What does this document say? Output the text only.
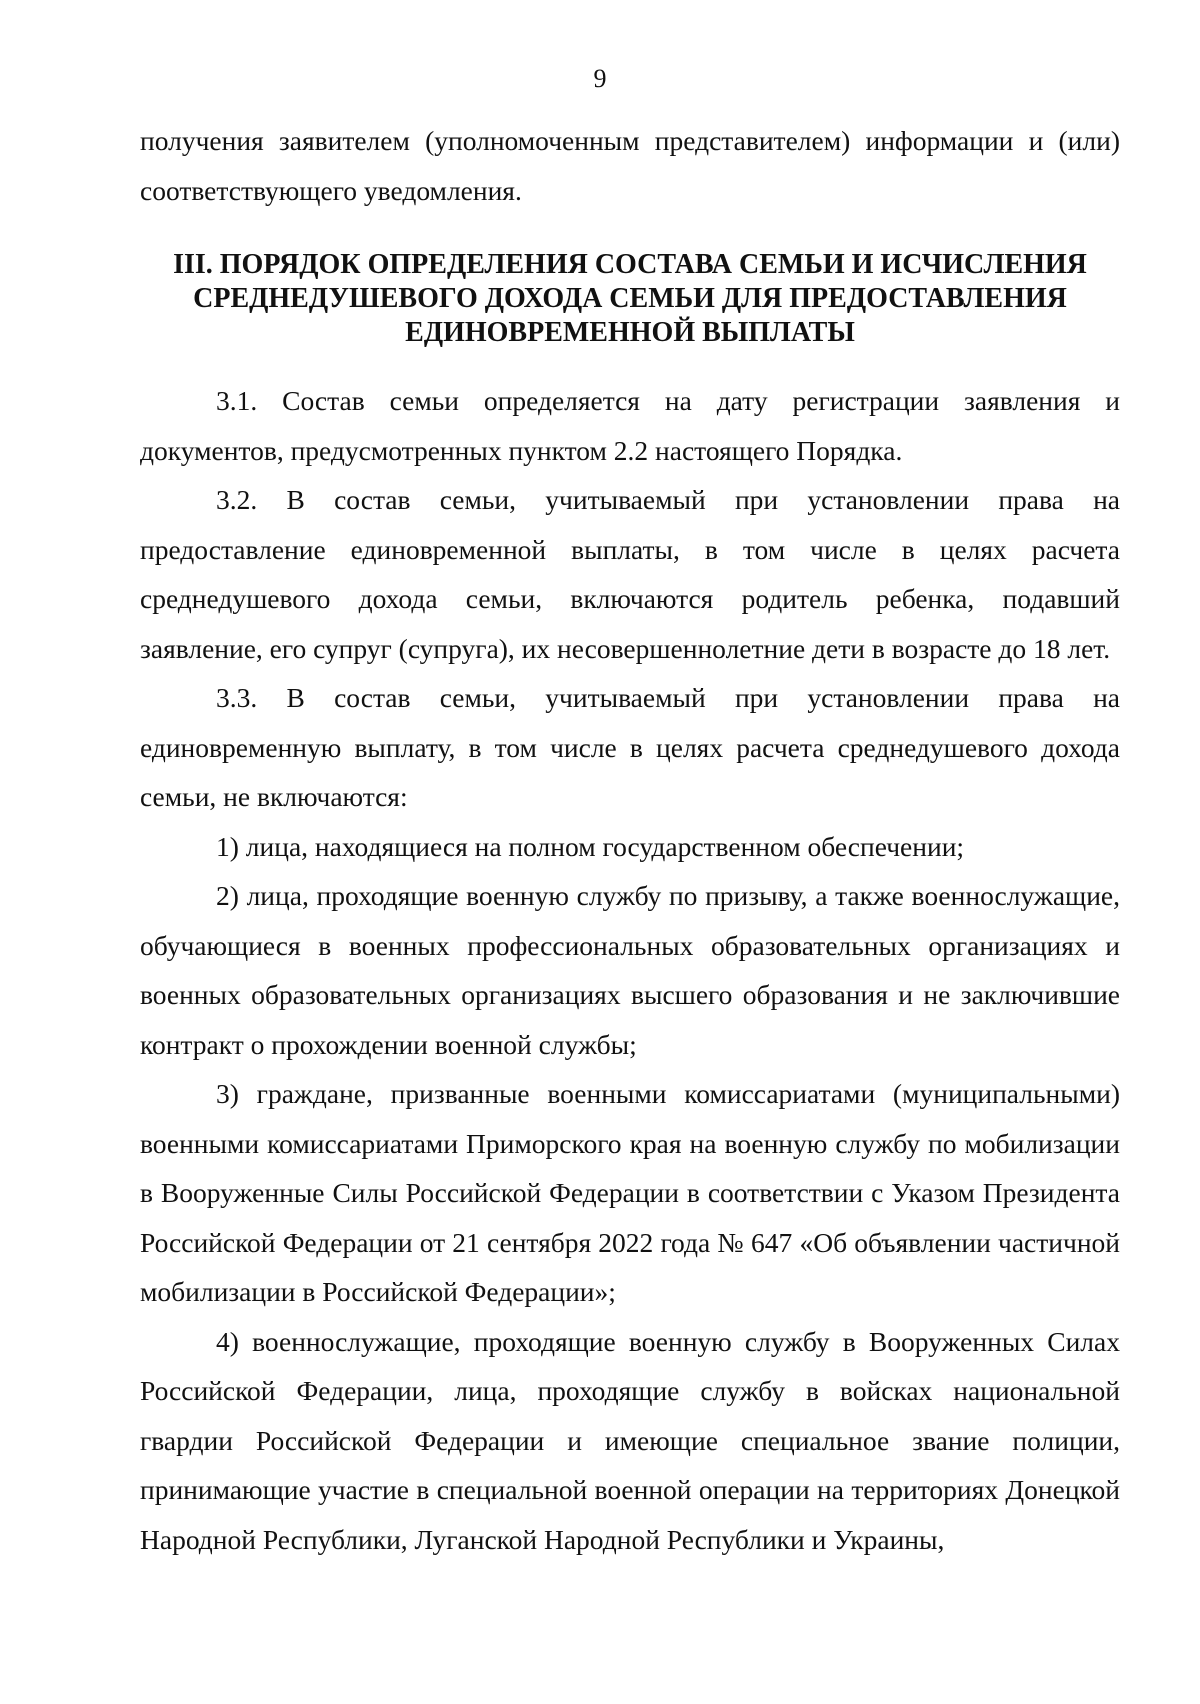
9

получения заявителем (уполномоченным представителем) информации и (или) соответствующего уведомления.

III. ПОРЯДОК ОПРЕДЕЛЕНИЯ СОСТАВА СЕМЬИ И ИСЧИСЛЕНИЯ
СРЕДНЕДУШЕВОГО ДОХОДА СЕМЬИ ДЛЯ ПРЕДОСТАВЛЕНИЯ
ЕДИНОВРЕМЕННОЙ ВЫПЛАТЫ

3.1. Состав семьи определяется на дату регистрации заявления и документов, предусмотренных пунктом 2.2 настоящего Порядка.

3.2. В состав семьи, учитываемый при установлении права на предоставление единовременной выплаты, в том числе в целях расчета среднедушевого дохода семьи, включаются родитель ребенка, подавший заявление, его супруг (супруга), их несовершеннолетние дети в возрасте до 18 лет.

3.3. В состав семьи, учитываемый при установлении права на единовременную выплату, в том числе в целях расчета среднедушевого дохода семьи, не включаются:

1) лица, находящиеся на полном государственном обеспечении;

2) лица, проходящие военную службу по призыву, а также военнослужащие, обучающиеся в военных профессиональных образовательных организациях и военных образовательных организациях высшего образования и не заключившие контракт о прохождении военной службы;

3) граждане, призванные военными комиссариатами (муниципальными) военными комиссариатами Приморского края на военную службу по мобилизации в Вооруженные Силы Российской Федерации в соответствии с Указом Президента Российской Федерации от 21 сентября 2022 года № 647 «Об объявлении частичной мобилизации в Российской Федерации»;

4) военнослужащие, проходящие военную службу в Вооруженных Силах Российской Федерации, лица, проходящие службу в войсках национальной гвардии Российской Федерации и имеющие специальное звание полиции, принимающие участие в специальной военной операции на территориях Донецкой Народной Республики, Луганской Народной Республики и Украины,
